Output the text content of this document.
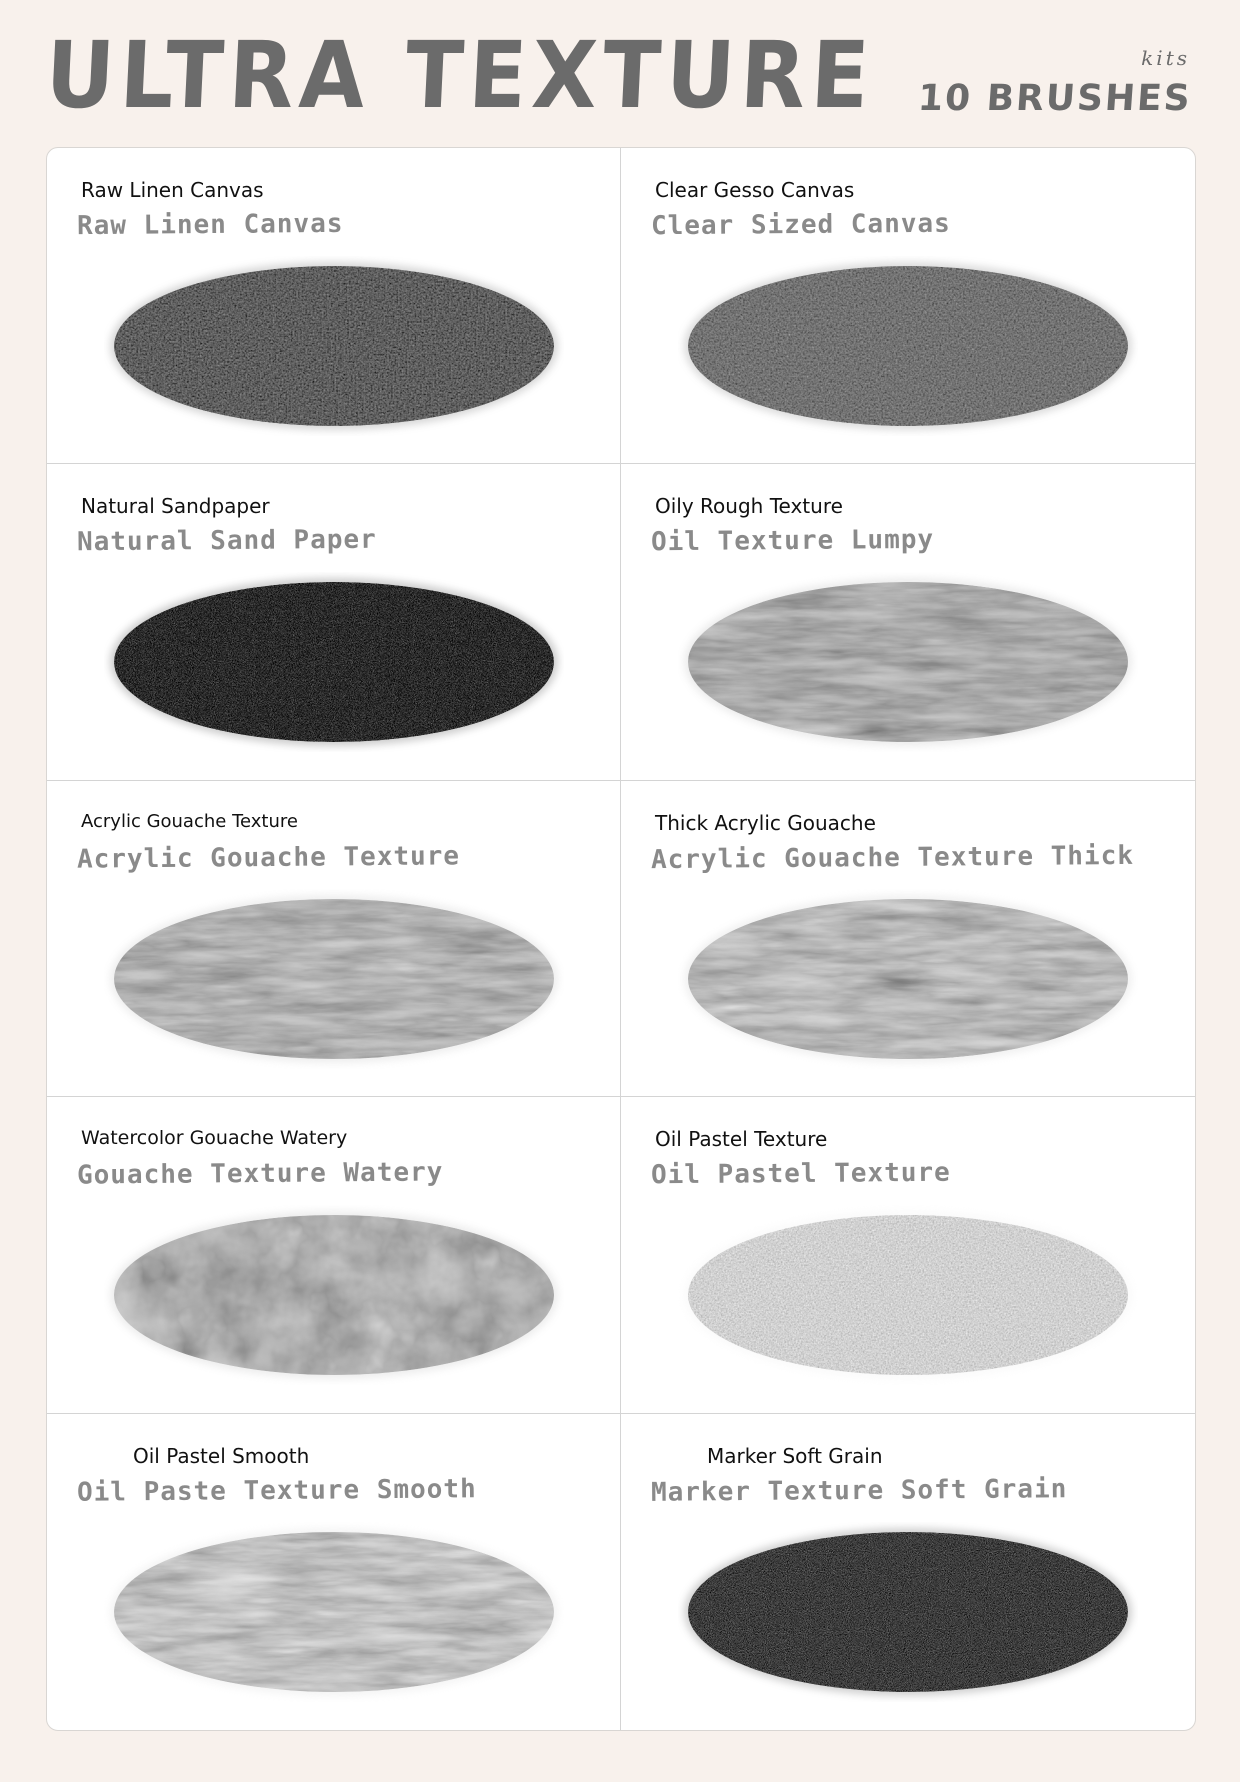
ULTRA TEXTURE	kits
10 BRUSHES
Raw Linen Canvas
Raw Linen Canvas
Clear Gesso Canvas
Clear Sized Canvas
Natural Sandpaper
Natural Sand Paper
Oily Rough Texture
Oil Texture Lumpy
Acrylic Gouache Texture
Acrylic Gouache Texture
Thick Acrylic Gouache
Acrylic Gouache Texture Thick
Watercolor Gouache Watery
Gouache Texture Watery
Oil Pastel Texture
Oil Pastel Texture
Oil Pastel Smooth
Oil Paste Texture Smooth
Marker Soft Grain
Marker Texture Soft Grain
